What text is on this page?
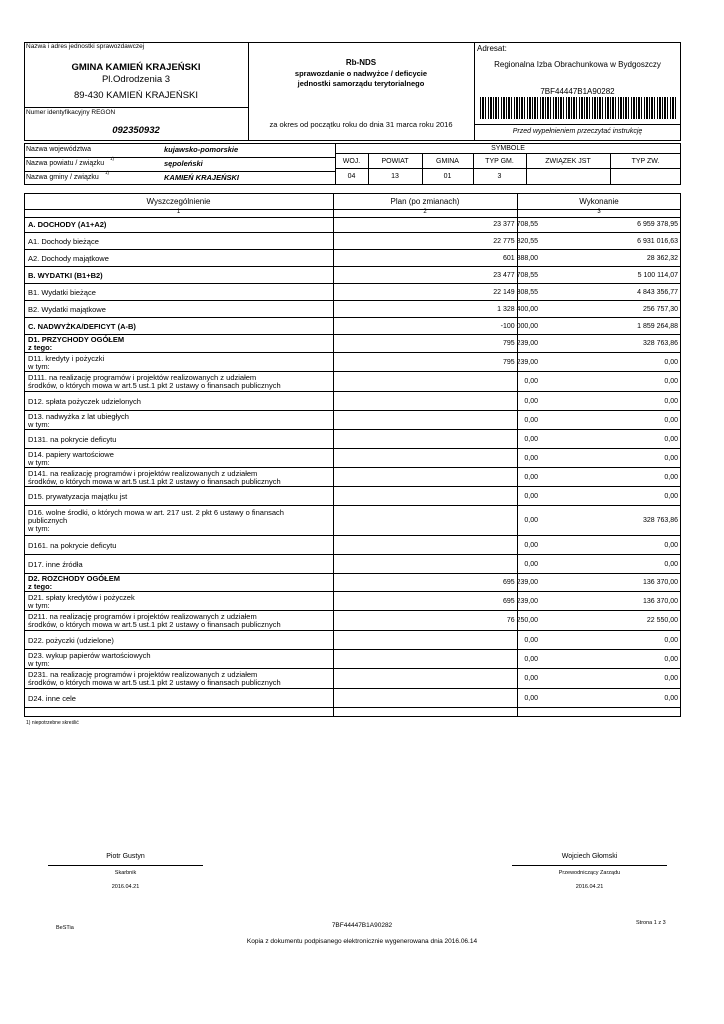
Nazwa i adres jednostki sprawozdawczej
GMINA KAMIEŃ KRAJEŃSKI
Pl.Odrodzenia 3
89-430 KAMIEŃ KRAJEŃSKI
Numer identyfikacyjny REGON
092350932
Rb-NDS
sprawozdanie o nadwyżce / deficycie
jednostki samorządu terytorialnego
za okres od początku roku do dnia 31 marca roku 2016
Adresat:
Regionalna Izba Obrachunkowa w Bydgoszczy
7BF44447B1A90282
Przed wypełnieniem przeczytać instrukcję
Nazwa województwa	kujawsko-pomorskie
Nazwa powiatu / związku
1)
sępoleński
Nazwa gminy / związku
1)
KAMIEŃ KRAJEŃSKI
SYMBOLE
WOJ.	POWIAT	GMINA	TYP GM.	ZWIĄZEK JST	TYP ZW.
04	13	01	3
Wyszczególnienie	Plan (po zmianach)	Wykonanie
1	2	3
A. DOCHODY (A1+A2)	23 377 708,55	6 959 378,95
A1. Dochody bieżące	22 775 820,55	6 931 016,63
A2. Dochody majątkowe	601 888,00	28 362,32
B. WYDATKI (B1+B2)	23 477 708,55	5 100 114,07
B1. Wydatki bieżące	22 149 308,55	4 843 356,77
B2. Wydatki majątkowe	1 328 400,00	256 757,30
C. NADWYŻKA/DEFICYT (A-B)	-100 000,00	1 859 264,88
D1. PRZYCHODY OGÓŁEM
z tego:	795 239,00	328 763,86
D11. kredyty i pożyczki
w tym:	795 239,00	0,00
D111. na realizację programów i projektów realizowanych z udziałem
środków, o których mowa w art.5 ust.1 pkt 2 ustawy o finansach publicznych	0,00	0,00
D12. spłata pożyczek udzielonych	0,00	0,00
D13. nadwyżka z lat ubiegłych
w tym:	0,00	0,00
D131. na pokrycie deficytu	0,00	0,00
D14. papiery wartościowe
w tym:	0,00	0,00
D141. na realizację programów i projektów realizowanych z udziałem
środków, o których mowa w art.5 ust.1 pkt 2 ustawy o finansach publicznych	0,00	0,00
D15. prywatyzacja majątku jst	0,00	0,00
D16. wolne środki, o których mowa w art. 217 ust. 2 pkt 6 ustawy o finansach
publicznych
w tym:
0,00	328 763,86
D161. na pokrycie deficytu	0,00	0,00
D17. inne źródła	0,00	0,00
D2. ROZCHODY OGÓŁEM
z tego:	695 239,00	136 370,00
D21. spłaty kredytów i pożyczek
w tym:	695 239,00	136 370,00
D211. na realizację programów i projektów realizowanych z udziałem
środków, o których mowa w art.5 ust.1 pkt 2 ustawy o finansach publicznych	76 250,00	22 550,00
D22. pożyczki (udzielone)	0,00	0,00
D23. wykup papierów wartościowych
w tym:	0,00	0,00
D231. na realizację programów i projektów realizowanych z udziałem
środków, o których mowa w art.5 ust.1 pkt 2 ustawy o finansach publicznych	0,00	0,00
D24. inne cele	0,00	0,00
1) niepotrzebne skreślić
Piotr Gustyn
Skarbnik
2016.04.21
Wojciech Głomski
Przewodniczący Zarządu
2016.04.21
BeSTia	7BF44447B1A90282	Strona 1 z 3
Kopia z dokumentu podpisanego elektronicznie wygenerowana dnia 2016.06.14
